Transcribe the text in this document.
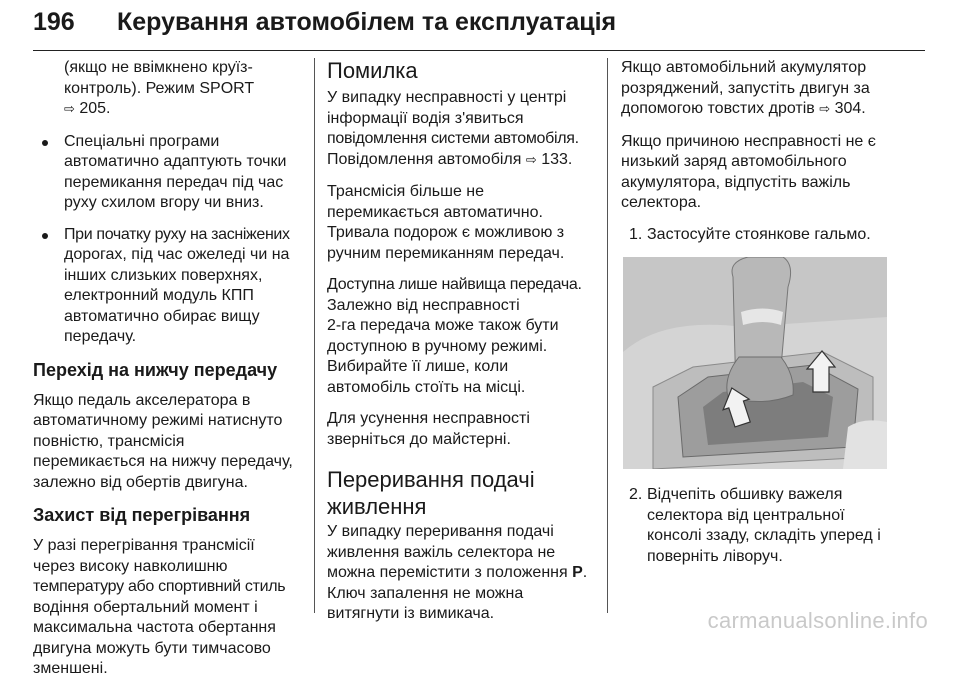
196 Керування автомобілем та експлуатація

(якщо не ввімкнено круїз-
контроль). Режим SPORT
⇨ 205.

Спеціальні програми
автоматично адаптують точки
перемикання передач під час
руху схилом вгору чи вниз.
При початку руху на засніжених
дорогах, під час ожеледі чи на
інших слизьких поверхнях,
електронний модуль КПП
автоматично обирає вищу
передачу.
Перехід на нижчу передачу

Якщо педаль акселератора в
автоматичному режимі натиснуто
повністю, трансмісія
перемикається на нижчу передачу,
залежно від обертів двигуна.

Захист від перегрівання

У разі перегрівання трансмісії
через високу навколишню
температуру або спортивний стиль
водіння обертальний момент і
максимальна частота обертання
двигуна можуть бути тимчасово
зменшені.

Помилка

У випадку несправності у центрі
інформації водія з'явиться
повідомлення системи автомобіля.
Повідомлення автомобіля ⇨ 133.

Трансмісія більше не
перемикається автоматично.
Тривала подорож є можливою з
ручним перемиканням передач.

Доступна лише найвища передача.
Залежно від несправності
2-га передача може також бути
доступною в ручному режимі.
Вибирайте її лише, коли
автомобіль стоїть на місці.

Для усунення несправності
зверніться до майстерні.

Переривання подачі
живлення

У випадку переривання подачі
живлення важіль селектора не
можна перемістити з положення P.
Ключ запалення не можна
витягнути із вимикача.

Якщо автомобільний акумулятор
розряджений, запустіть двигун за
допомогою товстих дротів ⇨ 304.

Якщо причиною несправності не є
низький заряд автомобільного
акумулятора, відпустіть важіль
селектора.

1. Застосуйте стоянкове гальмо.
2. Відчепіть обшивку важеля
селектора від центральної
консолі ззаду, складіть уперед і
поверніть ліворуч.
carmanualsonline.info
